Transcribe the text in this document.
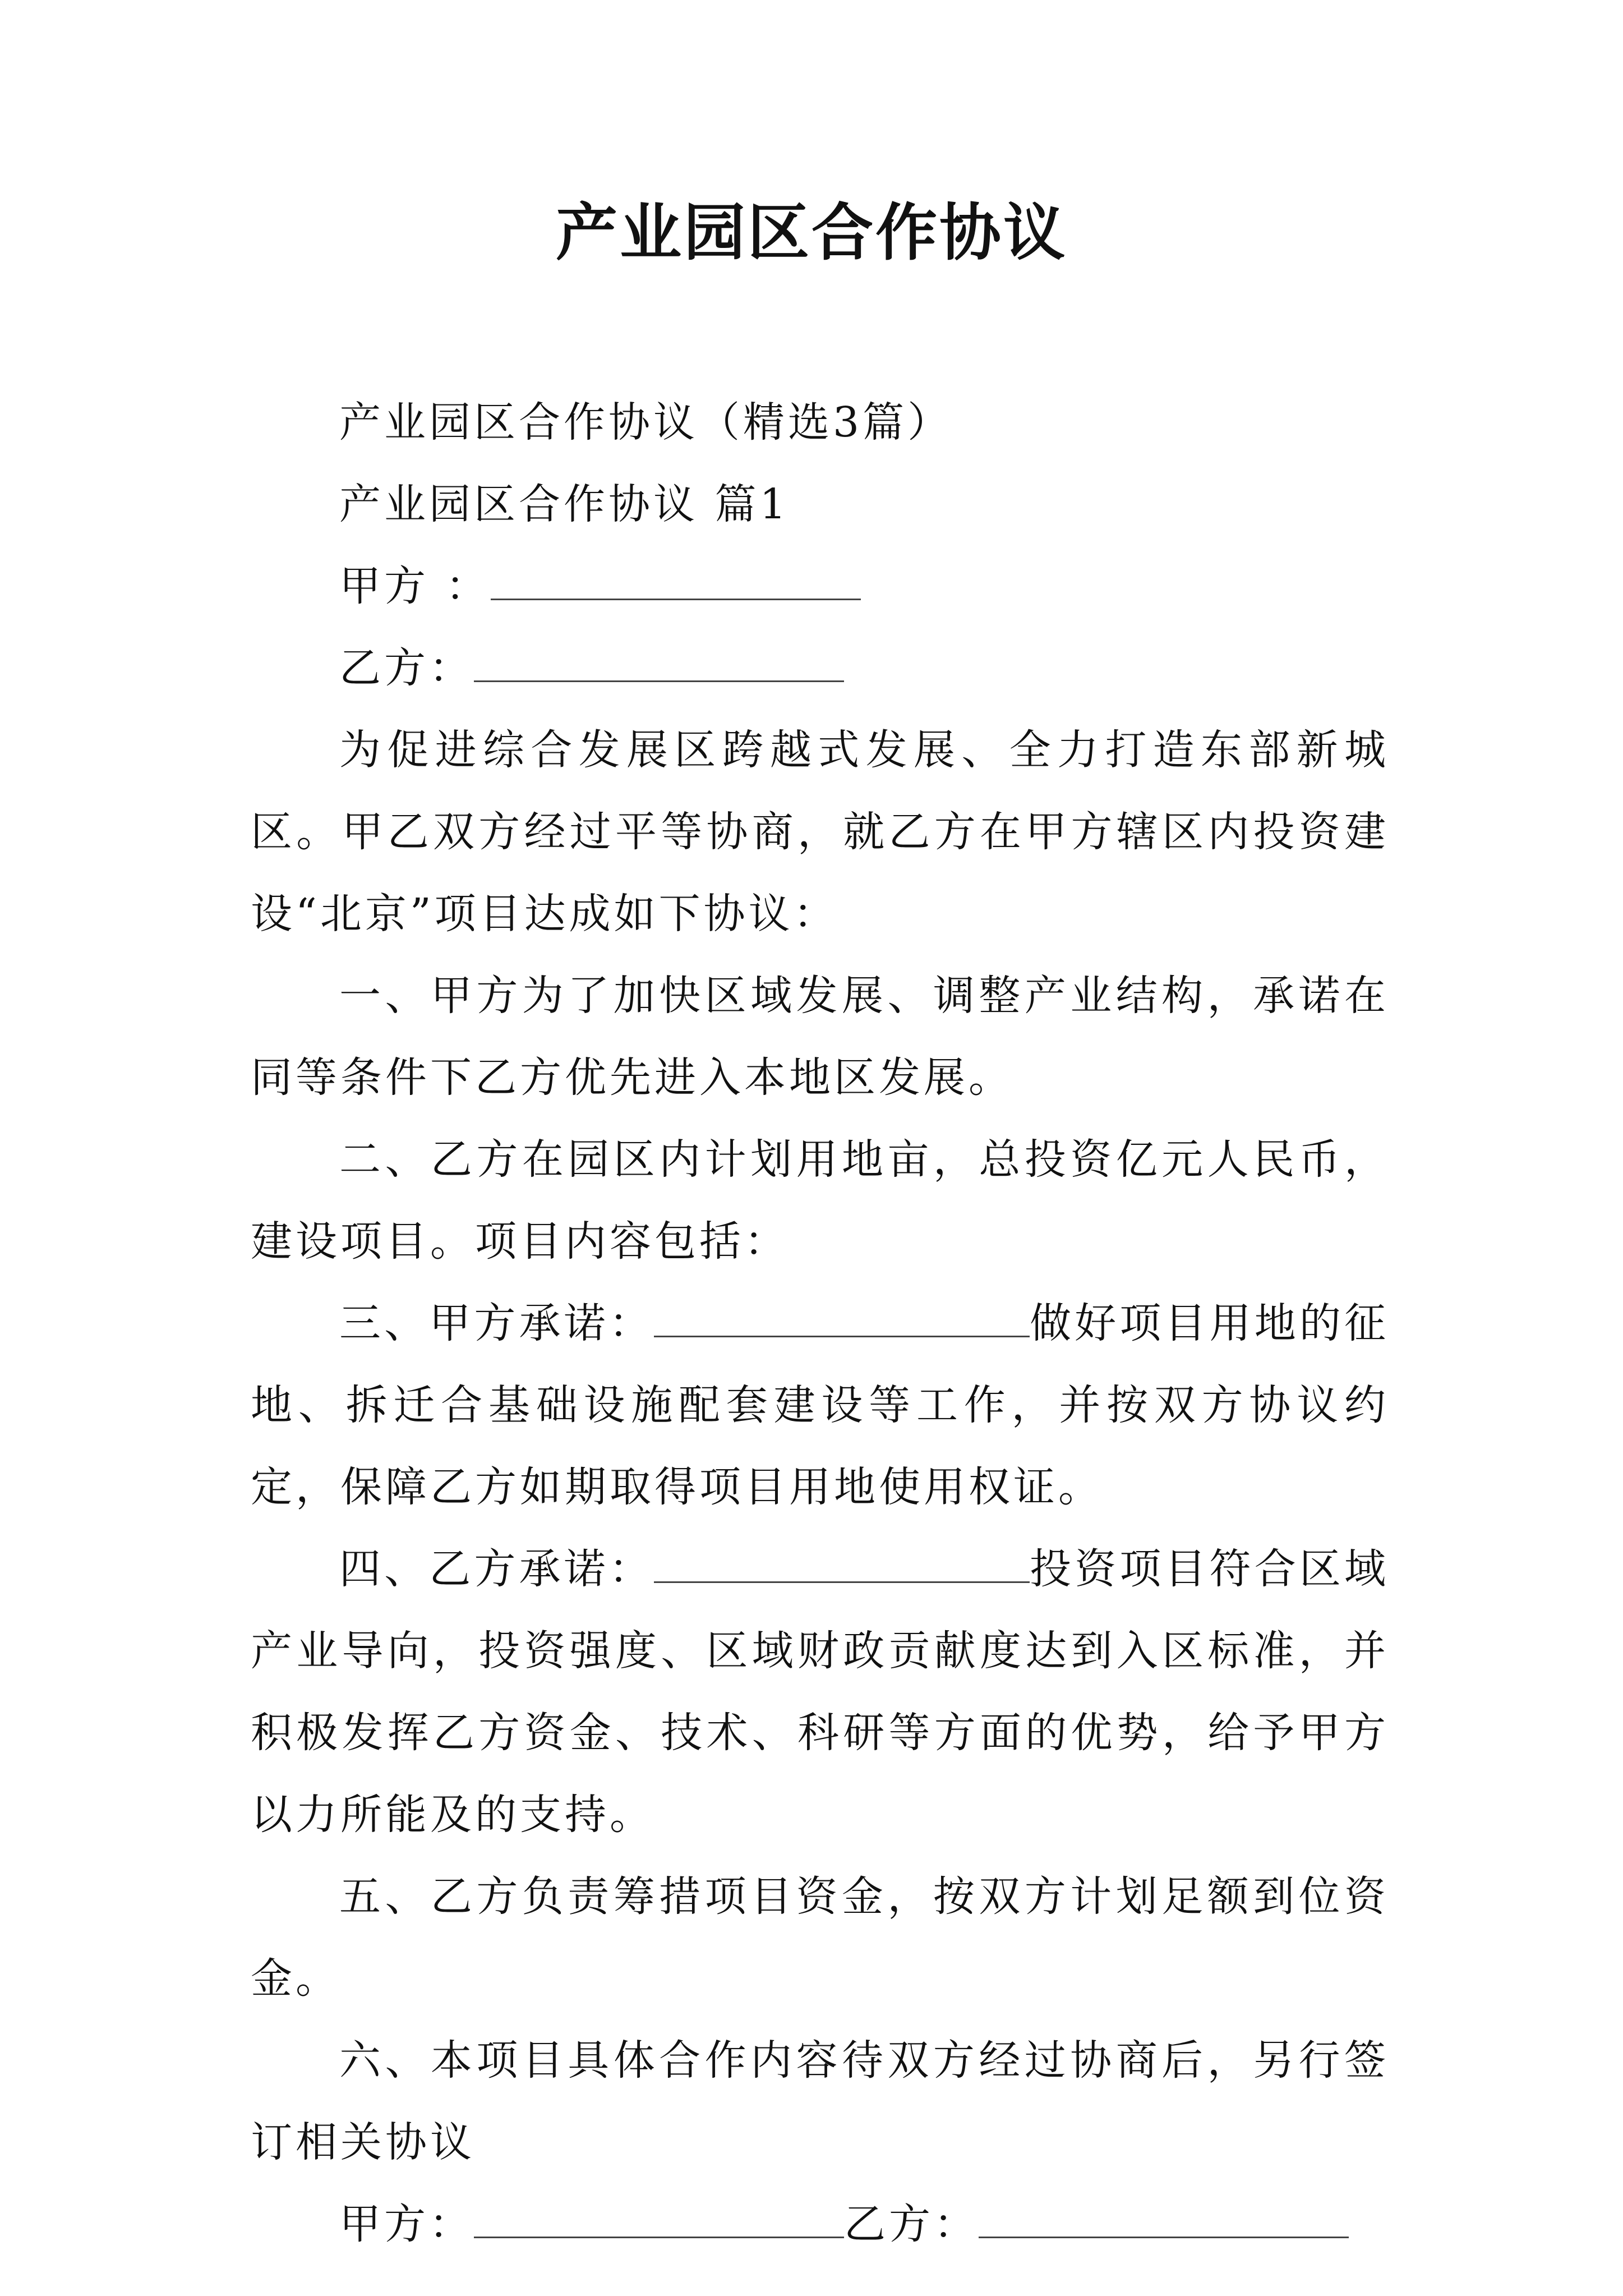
产业园区合作协议

产业园区合作协议（精选3篇）

产业园区合作协议 篇1

甲方 ：

乙方：

为促进综合发展区跨越式发展、全力打造东部新城区。甲乙双方经过平等协商，就乙方在甲方辖区内投资建设“北京”项目达成如下协议：

一、甲方为了加快区域发展、调整产业结构，承诺在同等条件下乙方优先进入本地区发展。

二、乙方在园区内计划用地亩，总投资亿元人民币，建设项目。项目内容包括：

三、甲方承诺：	做好项目用地的征地、拆迁合基础设施配套建设等工作，并按双方协议约定，保障乙方如期取得项目用地使用权证。

四、乙方承诺：	投资项目符合区域产业导向，投资强度、区域财政贡献度达到入区标准，并积极发挥乙方资金、技术、科研等方面的优势，给予甲方以力所能及的支持。

五、乙方负责筹措项目资金，按双方计划足额到位资金。

六、本项目具体合作内容待双方经过协商后，另行签订相关协议

甲方：	乙方：
